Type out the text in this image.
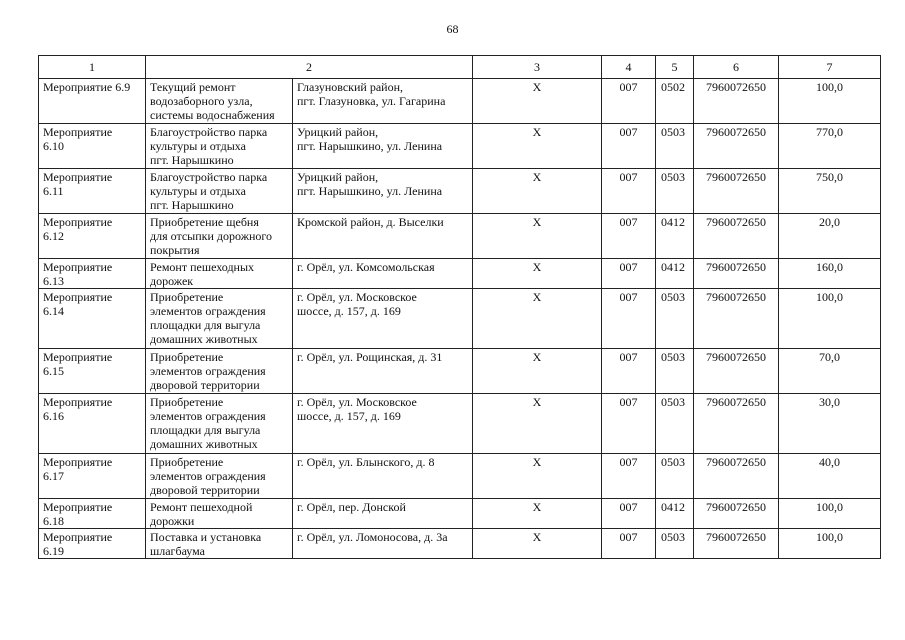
68
1	2		3	4	5	6	7

Мероприятие 6.9	Текущий ремонт
водозаборного узла,
системы водоснабжения	Глазуновский район,
пгт. Глазуновка, ул. Гагарина	X	007	0502	7960072650	100,0

Мероприятие
6.10	Благоустройство парка
культуры и отдыха
пгт. Нарышкино	Урицкий район,
пгт. Нарышкино, ул. Ленина	X	007	0503	7960072650	770,0

Мероприятие
6.11	Благоустройство парка
культуры и отдыха
пгт. Нарышкино	Урицкий район,
пгт. Нарышкино, ул. Ленина	X	007	0503	7960072650	750,0

Мероприятие
6.12	Приобретение щебня
для отсыпки дорожного
покрытия	Кромской район, д. Выселки	X	007	0412	7960072650	20,0

Мероприятие
6.13	Ремонт пешеходных
дорожек	г. Орёл, ул. Комсомольская	X	007	0412	7960072650	160,0

Мероприятие
6.14	Приобретение
элементов ограждения
площадки для выгула
домашних животных	г. Орёл, ул. Московское
шоссе, д. 157, д. 169	X	007	0503	7960072650	100,0

Мероприятие
6.15	Приобретение
элементов ограждения
дворовой территории	г. Орёл, ул. Рощинская, д. 31	X	007	0503	7960072650	70,0

Мероприятие
6.16	Приобретение
элементов ограждения
площадки для выгула
домашних животных	г. Орёл, ул. Московское
шоссе, д. 157, д. 169	X	007	0503	7960072650	30,0

Мероприятие
6.17	Приобретение
элементов ограждения
дворовой территории	г. Орёл, ул. Блынского, д. 8	X	007	0503	7960072650	40,0

Мероприятие
6.18	Ремонт пешеходной
дорожки	г. Орёл, пер. Донской	X	007	0412	7960072650	100,0

Мероприятие
6.19	Поставка и установка
шлагбаума	г. Орёл, ул. Ломоносова, д. 3а	X	007	0503	7960072650	100,0
